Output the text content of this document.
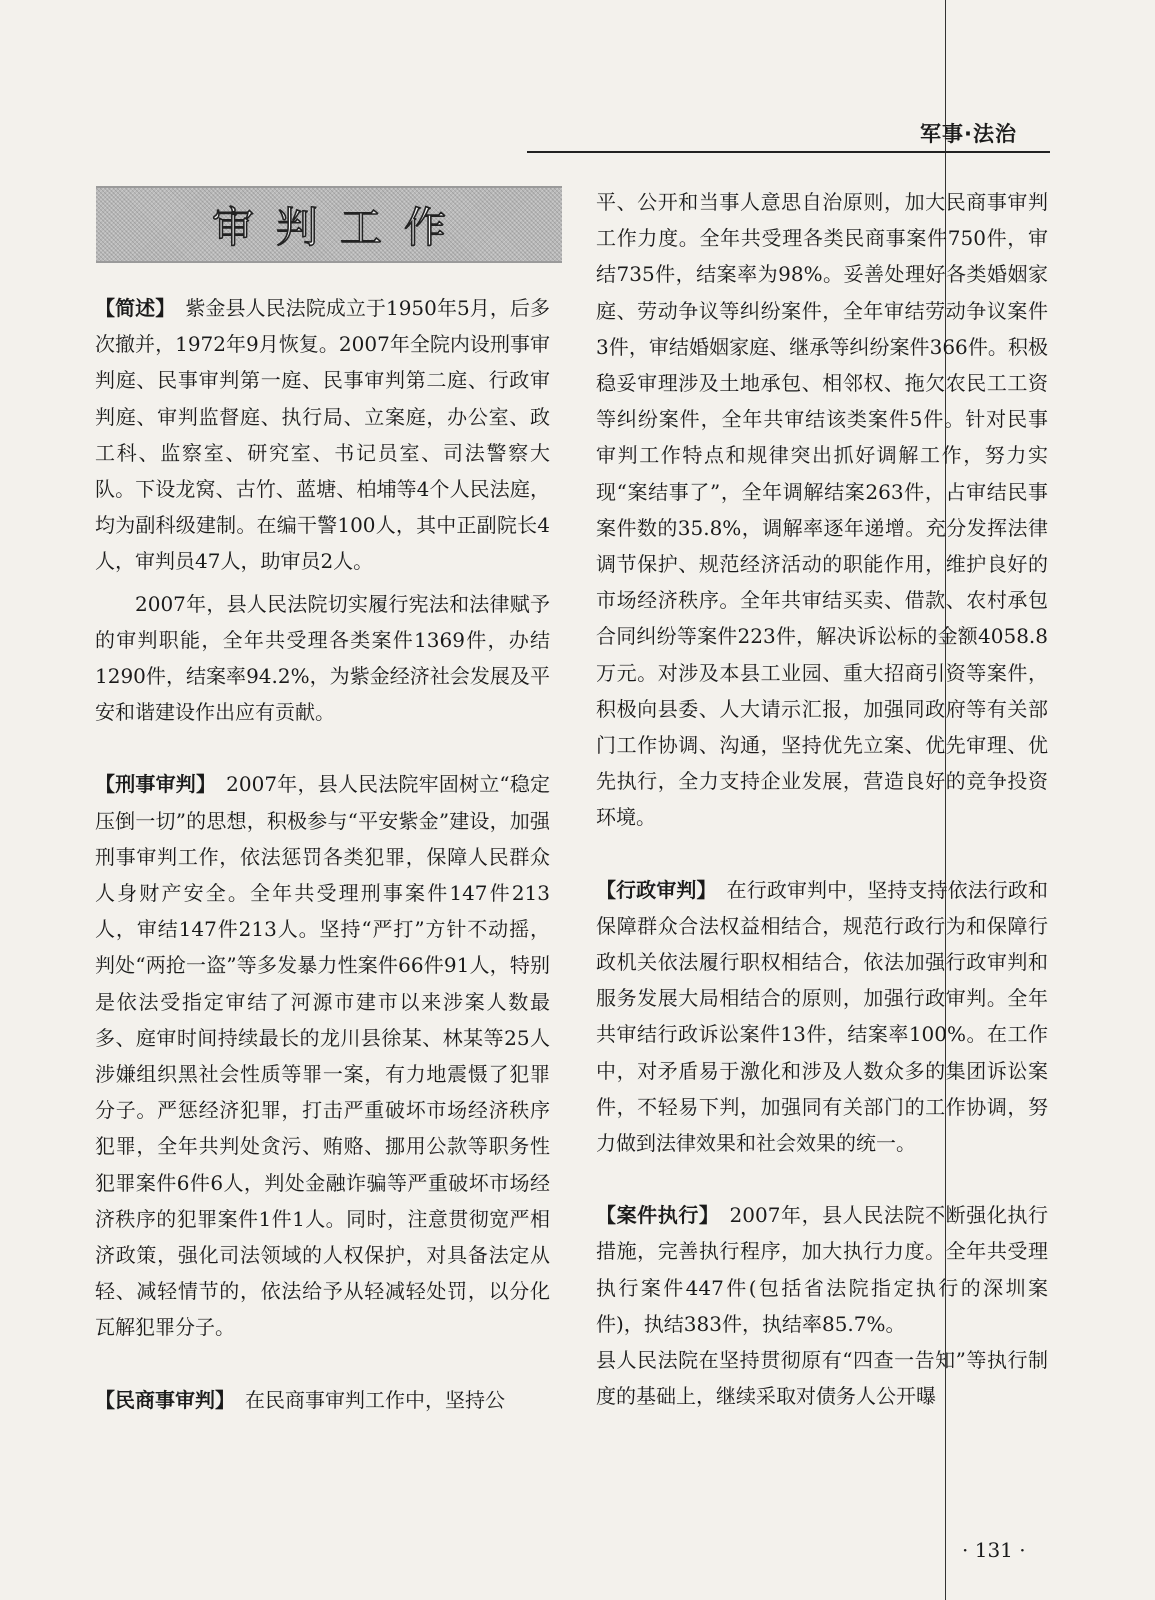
军事·法治
审判工作

【简述】  紫金县人民法院成立于1950年5月，后多次撤并，1972年9月恢复。2007年全院内设刑事审判庭、民事审判第一庭、民事审判第二庭、行政审判庭、审判监督庭、执行局、立案庭，办公室、政工科、监察室、研究室、书记员室、司法警察大队。下设龙窝、古竹、蓝塘、柏埔等4个人民法庭，均为副科级建制。在编干警100人，其中正副院长4人，审判员47人，助审员2人。

2007年，县人民法院切实履行宪法和法律赋予的审判职能，全年共受理各类案件1369件，办结1290件，结案率94.2%，为紫金经济社会发展及平安和谐建设作出应有贡献。

【刑事审判】  2007年，县人民法院牢固树立“稳定压倒一切”的思想，积极参与“平安紫金”建设，加强刑事审判工作，依法惩罚各类犯罪，保障人民群众人身财产安全。全年共受理刑事案件147件213人，审结147件213人。坚持“严打”方针不动摇，判处“两抢一盗”等多发暴力性案件66件91人，特别是依法受指定审结了河源市建市以来涉案人数最多、庭审时间持续最长的龙川县徐某、林某等25人涉嫌组织黑社会性质等罪一案，有力地震慑了犯罪分子。严惩经济犯罪，打击严重破坏市场经济秩序犯罪，全年共判处贪污、贿赂、挪用公款等职务性犯罪案件6件6人，判处金融诈骗等严重破坏市场经济秩序的犯罪案件1件1人。同时，注意贯彻宽严相济政策，强化司法领域的人权保护，对具备法定从轻、减轻情节的，依法给予从轻减轻处罚，以分化瓦解犯罪分子。

【民商事审判】  在民商事审判工作中，坚持公

平、公开和当事人意思自治原则，加大民商事审判工作力度。全年共受理各类民商事案件750件，审结735件，结案率为98%。妥善处理好各类婚姻家庭、劳动争议等纠纷案件，全年审结劳动争议案件3件，审结婚姻家庭、继承等纠纷案件366件。积极稳妥审理涉及土地承包、相邻权、拖欠农民工工资等纠纷案件，全年共审结该类案件5件。针对民事审判工作特点和规律突出抓好调解工作，努力实现“案结事了”，全年调解结案263件，占审结民事案件数的35.8%，调解率逐年递增。充分发挥法律调节保护、规范经济活动的职能作用，维护良好的市场经济秩序。全年共审结买卖、借款、农村承包合同纠纷等案件223件，解决诉讼标的金额4058.8万元。对涉及本县工业园、重大招商引资等案件，积极向县委、人大请示汇报，加强同政府等有关部门工作协调、沟通，坚持优先立案、优先审理、优先执行，全力支持企业发展，营造良好的竞争投资环境。

【行政审判】  在行政审判中，坚持支持依法行政和保障群众合法权益相结合，规范行政行为和保障行政机关依法履行职权相结合，依法加强行政审判和服务发展大局相结合的原则，加强行政审判。全年共审结行政诉讼案件13件，结案率100%。在工作中，对矛盾易于激化和涉及人数众多的集团诉讼案件，不轻易下判，加强同有关部门的工作协调，努力做到法律效果和社会效果的统一。

【案件执行】  2007年，县人民法院不断强化执行措施，完善执行程序，加大执行力度。全年共受理执行案件447件(包括省法院指定执行的深圳案件)，执结383件，执结率85.7%。

县人民法院在坚持贯彻原有“四查一告知”等执行制度的基础上，继续采取对债务人公开曝

· 131 ·
